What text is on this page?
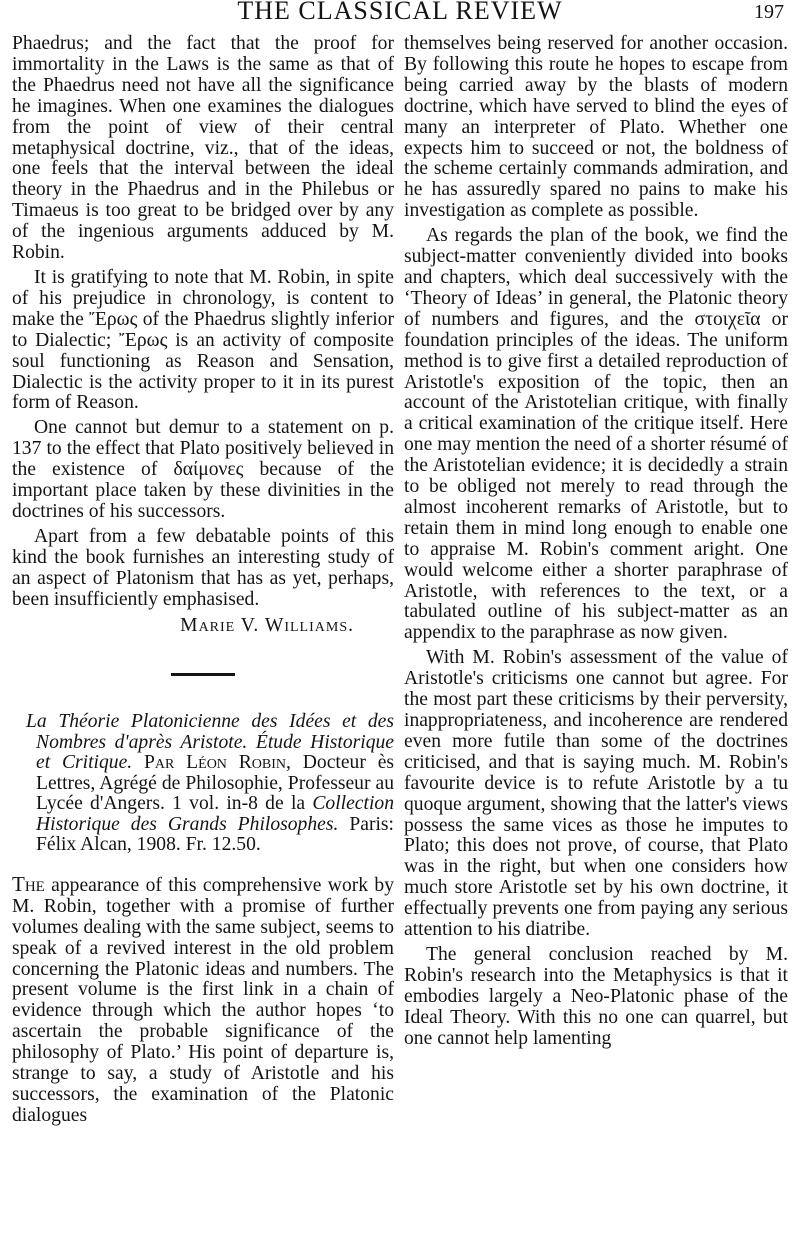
THE CLASSICAL REVIEW	197

Phaedrus; and the fact that the proof for immortality in the Laws is the same as that of the Phaedrus need not have all the significance he imagines. When one examines the dialogues from the point of view of their central metaphysical doctrine, viz., that of the ideas, one feels that the interval between the ideal theory in the Phaedrus and in the Philebus or Timaeus is too great to be bridged over by any of the ingenious arguments adduced by M. Robin.

It is gratifying to note that M. Robin, in spite of his prejudice in chronology, is content to make the Ἔρως of the Phaedrus slightly inferior to Dialectic; Ἔρως is an activity of composite soul functioning as Reason and Sensation, Dialectic is the activity proper to it in its purest form of Reason.

One cannot but demur to a statement on p. 137 to the effect that Plato positively believed in the existence of δαίμονες because of the important place taken by these divinities in the doctrines of his successors.

Apart from a few debatable points of this kind the book furnishes an interesting study of an aspect of Platonism that has as yet, perhaps, been insufficiently emphasised.

Marie V. Williams.

La Théorie Platonicienne des Idées et des Nombres d'après Aristote. Étude Historique et Critique. Par Léon Robin, Docteur ès Lettres, Agrégé de Philosophie, Professeur au Lycée d'Angers. 1 vol. in-8 de la Collection Historique des Grands Philosophes. Paris: Félix Alcan, 1908. Fr. 12.50.

The appearance of this comprehensive work by M. Robin, together with a promise of further volumes dealing with the same subject, seems to speak of a revived interest in the old problem concerning the Platonic ideas and numbers. The present volume is the first link in a chain of evidence through which the author hopes ‘to ascertain the probable significance of the philosophy of Plato.’ His point of departure is, strange to say, a study of Aristotle and his successors, the examination of the Platonic dialogues

themselves being reserved for another occasion. By following this route he hopes to escape from being carried away by the blasts of modern doctrine, which have served to blind the eyes of many an interpreter of Plato. Whether one expects him to succeed or not, the boldness of the scheme certainly commands admiration, and he has assuredly spared no pains to make his investigation as complete as possible.

As regards the plan of the book, we find the subject-matter conveniently divided into books and chapters, which deal successively with the ‘Theory of Ideas’ in general, the Platonic theory of numbers and figures, and the στοιχεῖα or foundation principles of the ideas. The uniform method is to give first a detailed reproduction of Aristotle's exposition of the topic, then an account of the Aristotelian critique, with finally a critical examination of the critique itself. Here one may mention the need of a shorter résumé of the Aristotelian evidence; it is decidedly a strain to be obliged not merely to read through the almost incoherent remarks of Aristotle, but to retain them in mind long enough to enable one to appraise M. Robin's comment aright. One would welcome either a shorter paraphrase of Aristotle, with references to the text, or a tabulated outline of his subject-matter as an appendix to the paraphrase as now given.

With M. Robin's assessment of the value of Aristotle's criticisms one cannot but agree. For the most part these criticisms by their perversity, inappropriateness, and incoherence are rendered even more futile than some of the doctrines criticised, and that is saying much. M. Robin's favourite device is to refute Aristotle by a tu quoque argument, showing that the latter's views possess the same vices as those he imputes to Plato; this does not prove, of course, that Plato was in the right, but when one considers how much store Aristotle set by his own doctrine, it effectually prevents one from paying any serious attention to his diatribe.

The general conclusion reached by M. Robin's research into the Metaphysics is that it embodies largely a Neo-Platonic phase of the Ideal Theory. With this no one can quarrel, but one cannot help lamenting
